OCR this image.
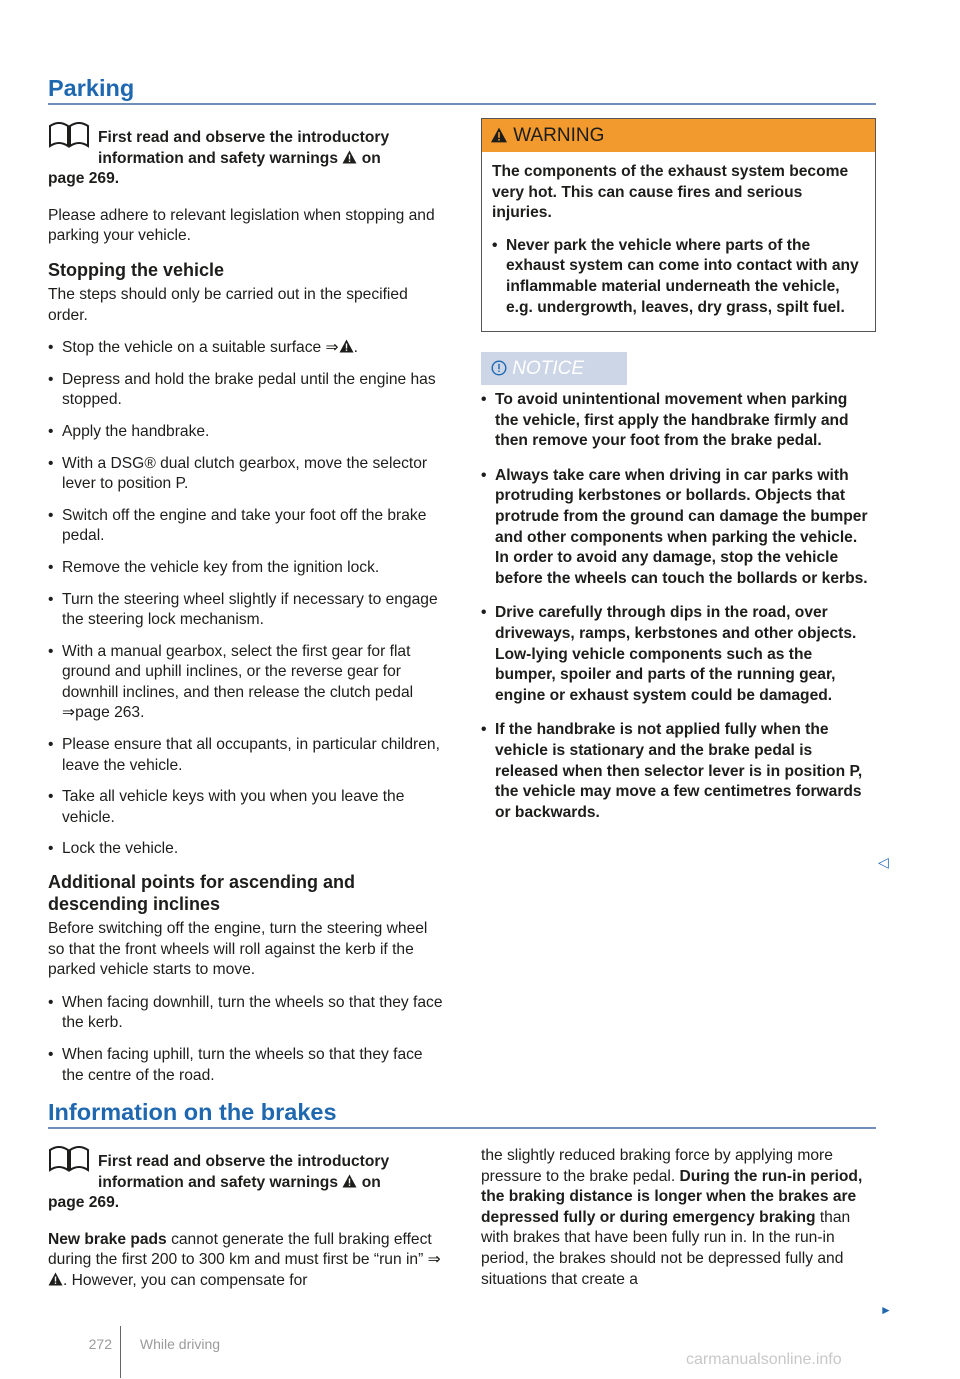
Parking
First read and observe the introductory
information and safety warnings on
page 269.

Please adhere to relevant legislation when stopping and parking your vehicle.

Stopping the vehicle

The steps should only be carried out in the specified order.

• Stop the vehicle on a suitable surface ⇒ .
• Depress and hold the brake pedal until the engine has stopped.
• Apply the handbrake.
• With a DSG® dual clutch gearbox, move the selector lever to position P.
• Switch off the engine and take your foot off the brake pedal.
• Remove the vehicle key from the ignition lock.
• Turn the steering wheel slightly if necessary to engage the steering lock mechanism.
• With a manual gearbox, select the first gear for flat ground and uphill inclines, or the reverse gear for downhill inclines, and then release the clutch pedal ⇒page 263.
• Please ensure that all occupants, in particular children, leave the vehicle.
• Take all vehicle keys with you when you leave the vehicle.
• Lock the vehicle.
Additional points for ascending and descending inclines

Before switching off the engine, turn the steering wheel so that the front wheels will roll against the kerb if the parked vehicle starts to move.

• When facing downhill, turn the wheels so that they face the kerb.
• When facing uphill, turn the wheels so that they face the centre of the road.
WARNING

The components of the exhaust system become very hot. This can cause fires and serious injuries.

• Never park the vehicle where parts of the exhaust system can come into contact with any inflammable material underneath the vehicle, e.g. undergrowth, leaves, dry grass, spilt fuel.
NOTICE
• To avoid unintentional movement when parking the vehicle, first apply the handbrake firmly and then remove your foot from the brake pedal.
• Always take care when driving in car parks with protruding kerbstones or bollards. Objects that protrude from the ground can damage the bumper and other components when parking the vehicle. In order to avoid any damage, stop the vehicle before the wheels can touch the bollards or kerbs.
• Drive carefully through dips in the road, over driveways, ramps, kerbstones and other objects. Low-lying vehicle components such as the bumper, spoiler and parts of the running gear, engine or exhaust system could be damaged.
• If the handbrake is not applied fully when the vehicle is stationary and the brake pedal is released when then selector lever is in position P, the vehicle may move a few centimetres forwards or backwards.
◁
Information on the brakes
First read and observe the introductory
information and safety warnings on
page 269.

New brake pads cannot generate the full braking effect during the first 200 to 300 km and must first be “run in” ⇒. However, you can compensate for

the slightly reduced braking force by applying more pressure to the brake pedal. During the run-in period, the braking distance is longer when the brakes are depressed fully or during emergency braking than with brakes that have been fully run in. In the run-in period, the brakes should not be depressed fully and situations that create a

►
272 While driving
carmanualsonline.info
